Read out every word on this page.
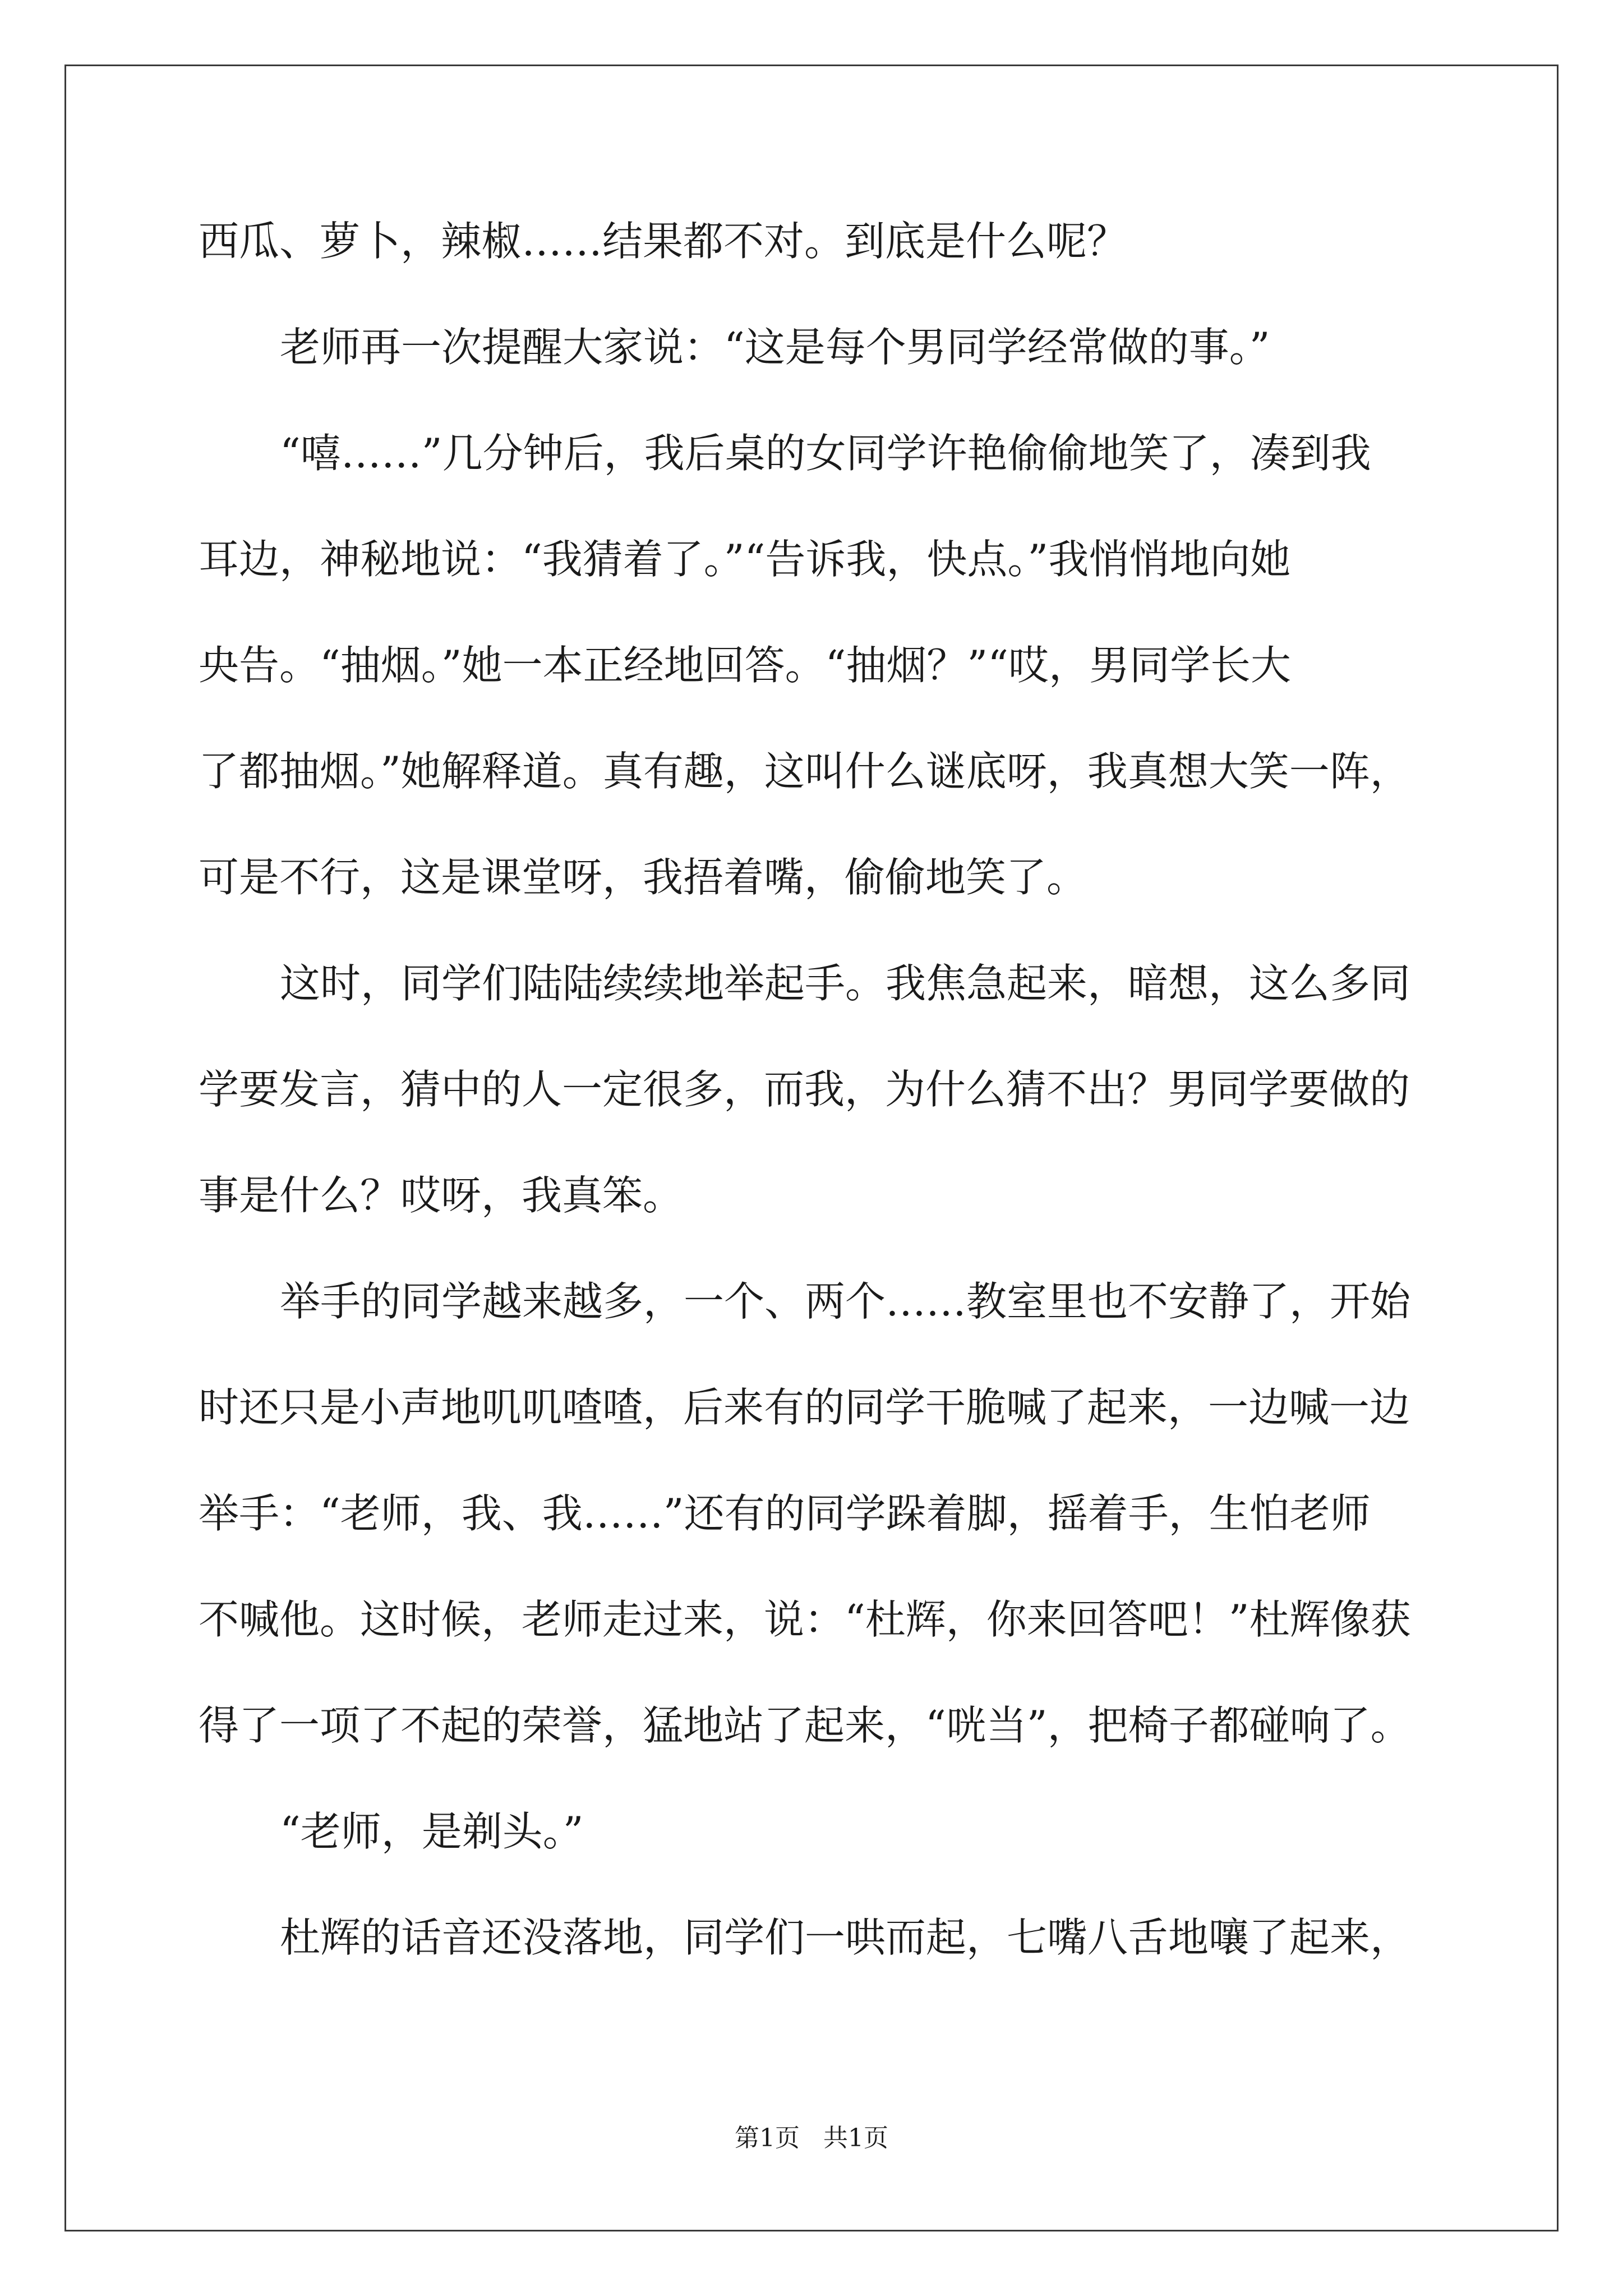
西瓜、萝卜，辣椒……结果都不对。到底是什么呢？
老师再一次提醒大家说：“这是每个男同学经常做的事。”
“嘻……”几分钟后，我后桌的女同学许艳偷偷地笑了，凑到我
耳边，神秘地说：“我猜着了。”“告诉我，快点。”我悄悄地向她
央告。“抽烟。”她一本正经地回答。“抽烟？”“哎，男同学长大
了都抽烟。”她解释道。真有趣，这叫什么谜底呀，我真想大笑一阵，
可是不行，这是课堂呀，我捂着嘴，偷偷地笑了。
这时，同学们陆陆续续地举起手。我焦急起来，暗想，这么多同
学要发言，猜中的人一定很多，而我，为什么猜不出？男同学要做的
事是什么？哎呀，我真笨。
举手的同学越来越多，一个、两个……教室里也不安静了，开始
时还只是小声地叽叽喳喳，后来有的同学干脆喊了起来，一边喊一边
举手：“老师，我、我……”还有的同学跺着脚，摇着手，生怕老师
不喊他。这时候，老师走过来，说：“杜辉，你来回答吧！”杜辉像获
得了一项了不起的荣誉，猛地站了起来，“咣当”，把椅子都碰响了。
“老师，是剃头。”
杜辉的话音还没落地，同学们一哄而起，七嘴八舌地嚷了起来，
第1页   共1页
